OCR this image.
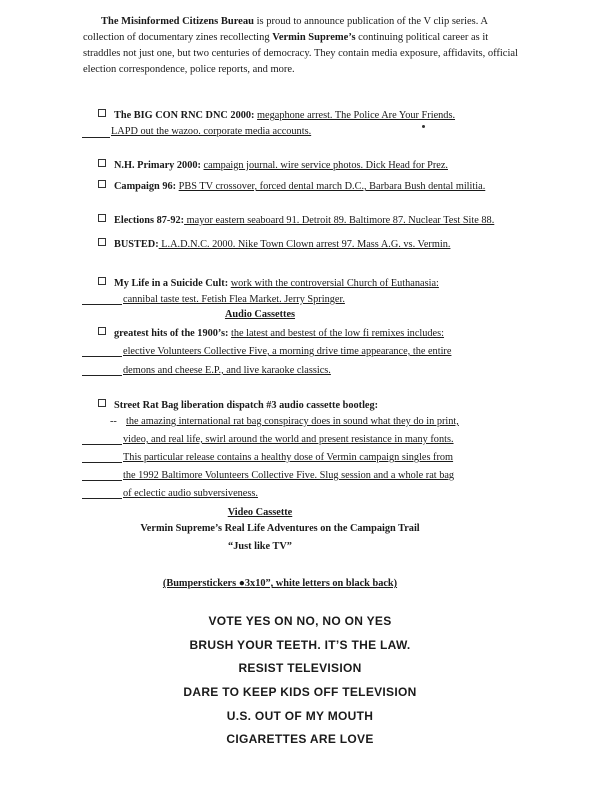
The Misinformed Citizens Bureau is proud to announce publication of the V clip series. A collection of documentary zines recollecting Vermin Supreme’s continuing political career as it straddles not just one, but two centuries of democracy. They contain media exposure, affidavits, official election correspondence, police reports, and more.
The BIG CON RNC DNC 2000: megaphone arrest. The Police Are Your Friends.
LAPD out the wazoo. corporate media accounts.
N.H. Primary 2000: campaign journal. wire service photos. Dick Head for Prez.
Campaign 96: PBS TV crossover, forced dental march D.C., Barbara Bush dental militia.
Elections 87-92: mayor eastern seaboard 91. Detroit 89. Baltimore 87. Nuclear Test Site 88.
BUSTED: L.A.D.N.C. 2000. Nike Town Clown arrest 97. Mass A.G. vs. Vermin.
My Life in a Suicide Cult: work with the controversial Church of Euthanasia:
cannibal taste test. Fetish Flea Market. Jerry Springer.
Audio Cassettes
greatest hits of the 1900’s: the latest and bestest of the low fi remixes includes:
elective Volunteers Collective Five, a morning drive time appearance, the entire
demons and cheese E.P., and live karaoke classics.
Street Rat Bag liberation dispatch #3 audio cassette bootleg:
-- the amazing international rat bag conspiracy does in sound what they do in print,
video, and real life, swirl around the world and present resistance in many fonts.
This particular release contains a healthy dose of Vermin campaign singles from
the 1992 Baltimore Volunteers Collective Five. Slug session and a whole rat bag
of eclectic audio subversiveness.
Video Cassette
Vermin Supreme’s Real Life Adventures on the Campaign Trail
“Just like TV”
(Bumperstickers ●3x10”, white letters on black back)
VOTE YES ON NO, NO ON YES
BRUSH YOUR TEETH. IT’S THE LAW.
RESIST TELEVISION
DARE TO KEEP KIDS OFF TELEVISION
U.S. OUT OF MY MOUTH
CIGARETTES ARE LOVE
